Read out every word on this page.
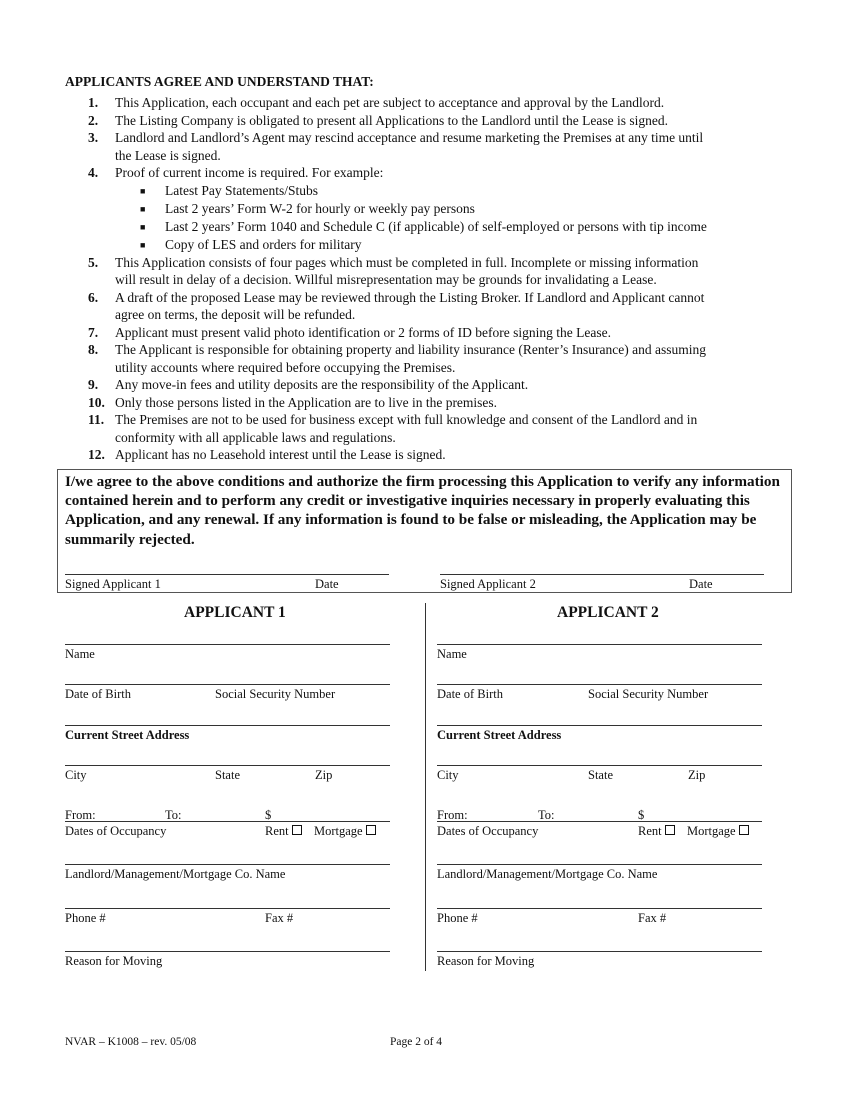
APPLICANTS AGREE AND UNDERSTAND THAT:
1.	This Application, each occupant and each pet are subject to acceptance and approval by the Landlord.
2.	The Listing Company is obligated to present all Applications to the Landlord until the Lease is signed.
3.	Landlord and Landlord’s Agent may rescind acceptance and resume marketing the Premises at any time until
the Lease is signed.
4.	Proof of current income is required. For example:
5.	This Application consists of four pages which must be completed in full. Incomplete or missing information
will result in delay of a decision. Willful misrepresentation may be grounds for invalidating a Lease.
6.	A draft of the proposed Lease may be reviewed through the Listing Broker. If Landlord and Applicant cannot
agree on terms, the deposit will be refunded.
7.	Applicant must present valid photo identification or 2 forms of ID before signing the Lease.
8.	The Applicant is responsible for obtaining property and liability insurance (Renter’s Insurance) and assuming
utility accounts where required before occupying the Premises.
9.	Any move-in fees and utility deposits are the responsibility of the Applicant.
10. Only those persons listed in the Application are to live in the premises.
11. The Premises are not to be used for business except with full knowledge and consent of the Landlord and in
conformity with all applicable laws and regulations.
12. Applicant has no Leasehold interest until the Lease is signed.
■ Latest Pay Statements/Stubs
■ Last 2 years’ Form W-2 for hourly or weekly pay persons
■ Last 2 years’ Form 1040 and Schedule C (if applicable) of self-employed or persons with tip income
■ Copy of LES and orders for military
I/we agree to the above conditions and authorize the firm processing this Application to verify any information contained herein and to perform any credit or investigative inquiries necessary in properly evaluating this Application, and any renewal. If any information is found to be false or misleading, the Application may be summarily rejected.
Signed Applicant 1	Date	Signed Applicant 2	Date
APPLICANT 1
Name
Date of Birth	Social Security Number
Current Street Address
City	State	Zip
From:	To:	$
Dates of Occupancy	Rent	Mortgage
Landlord/Management/Mortgage Co. Name
Phone #	Fax #
Reason for Moving
APPLICANT 2
Name
Date of Birth	Social Security Number
Current Street Address
City	State	Zip
From:	To:	$
Dates of Occupancy	Rent	Mortgage
Landlord/Management/Mortgage Co. Name
Phone #	Fax #
Reason for Moving
NVAR – K1008 – rev. 05/08	Page 2 of 4
